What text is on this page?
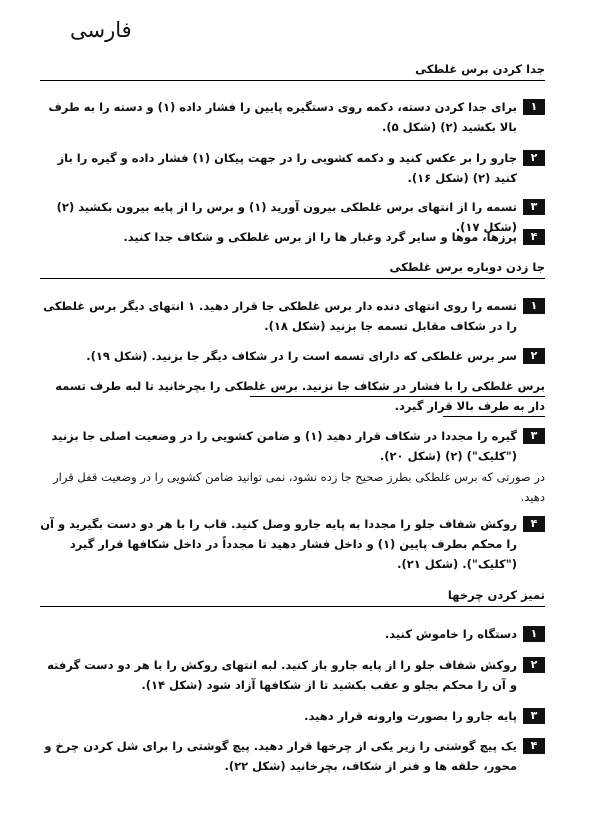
فارسی
جدا کردن برس غلطکی
۱
برای جدا کردن دسته، دکمه روی دستگیره پایین را فشار داده (۱) و دسته را به طرف بالا بکشید (۲) (شکل ۵).
۲
جارو را بر عکس کنید و دکمه کشویی را در جهت پیکان (۱) فشار داده و گیره را باز کنید (۲) (شکل ۱۶).
۳
تسمه را از انتهای برس غلطکی بیرون آورید (۱) و برس را از پایه بیرون بکشید (۲) (شکل ۱۷).
۴
پرزها، موها و سایر گرد وغبار ها را از برس غلطکی و شکاف جدا کنید.
جا زدن دوباره برس غلطکی
۱
تسمه را روی انتهای دنده دار برس غلطکی جا قرار دهید. ۱ انتهای دیگر برس غلطکی را در شکاف مقابل تسمه جا بزنید (شکل ۱۸).
۲
سر برس غلطکی که دارای تسمه است را در شکاف دیگر جا بزنید. (شکل ۱۹).
برس غلطکی را با فشار در شکاف جا نزنید. برس غلطکی را بچرخانید تا لبه طرف تسمه دار به طرف بالا قرار گیرد.
۳
گیره را مجددا در شکاف قرار دهید (۱) و ضامن کشویی را در وضعیت اصلی جا بزنید ("کلیک") (۲) (شکل ۲۰).
در صورتی که برس غلطکی بطرز صحیح جا زده نشود، نمی توانید ضامن کشویی را در وضعیت قفل قرار دهید.
۴
روکش شفاف جلو را مجددا به پایه جارو وصل کنید. قاب را با هر دو دست بگیرید و آن را محکم بطرف پایین (۱) و داخل فشار دهید تا مجدداً در داخل شکافها قرار گیرد ("کلیک"). (شکل ۲۱).
تمیز کردن چرخها
۱
دستگاه را خاموش کنید.
۲
روکش شفاف جلو را از پایه جارو باز کنید. لبه انتهای روکش را با هر دو دست گرفته و آن را محکم بجلو و عقب بکشید تا از شکافها آزاد شود (شکل ۱۴).
۳
پایه جارو را بصورت وارونه قرار دهید.
۴
یک پیچ گوشتی را زیر یکی از چرخها قرار دهید. پیچ گوشتی را برای شل کردن چرخ و محور، حلقه ها و فنر از شکاف، بچرخانید (شکل ۲۲).
